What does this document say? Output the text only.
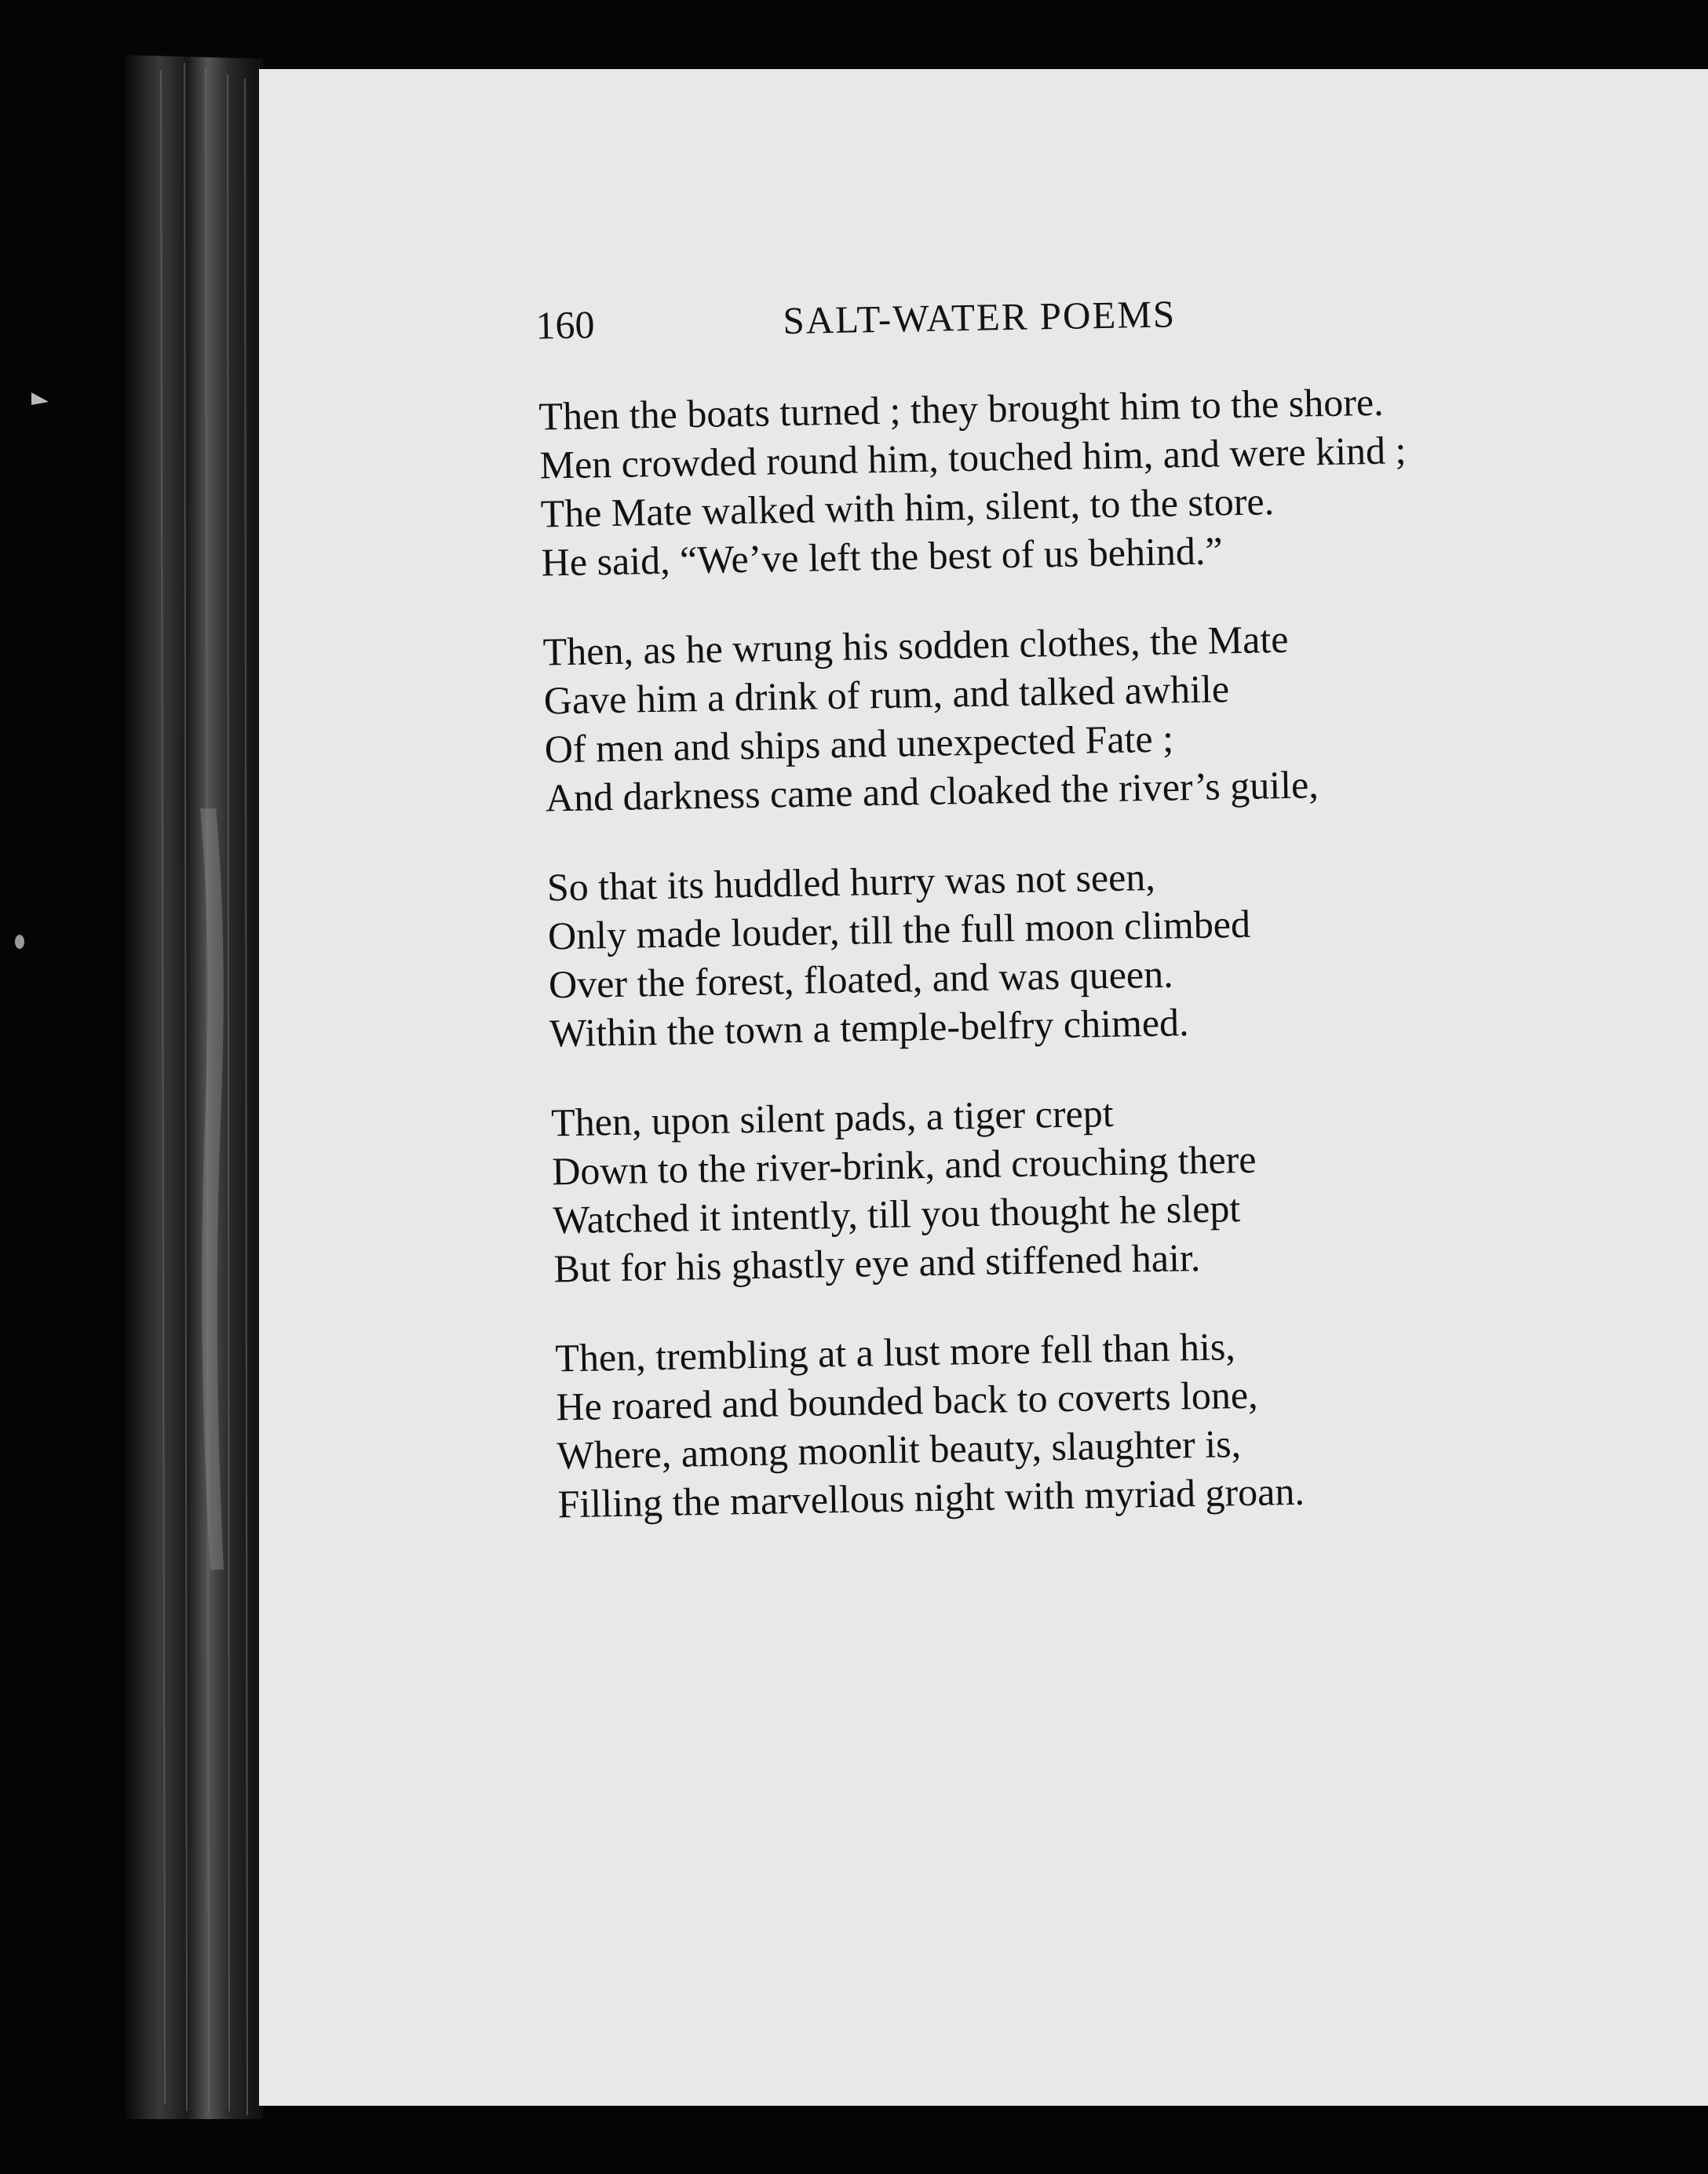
160	SALT-WATER POEMS
Then the boats turned ; they brought him to the shore.
Men crowded round him, touched him, and were kind ;
The Mate walked with him, silent, to the store.
He said, “We’ve left the best of us behind.”
Then, as he wrung his sodden clothes, the Mate
Gave him a drink of rum, and talked awhile
Of men and ships and unexpected Fate ;
And darkness came and cloaked the river’s guile,
So that its huddled hurry was not seen,
Only made louder, till the full moon climbed
Over the forest, floated, and was queen.
Within the town a temple-belfry chimed.
Then, upon silent pads, a tiger crept
Down to the river-brink, and crouching there
Watched it intently, till you thought he slept
But for his ghastly eye and stiffened hair.
Then, trembling at a lust more fell than his,
He roared and bounded back to coverts lone,
Where, among moonlit beauty, slaughter is,
Filling the marvellous night with myriad groan.
